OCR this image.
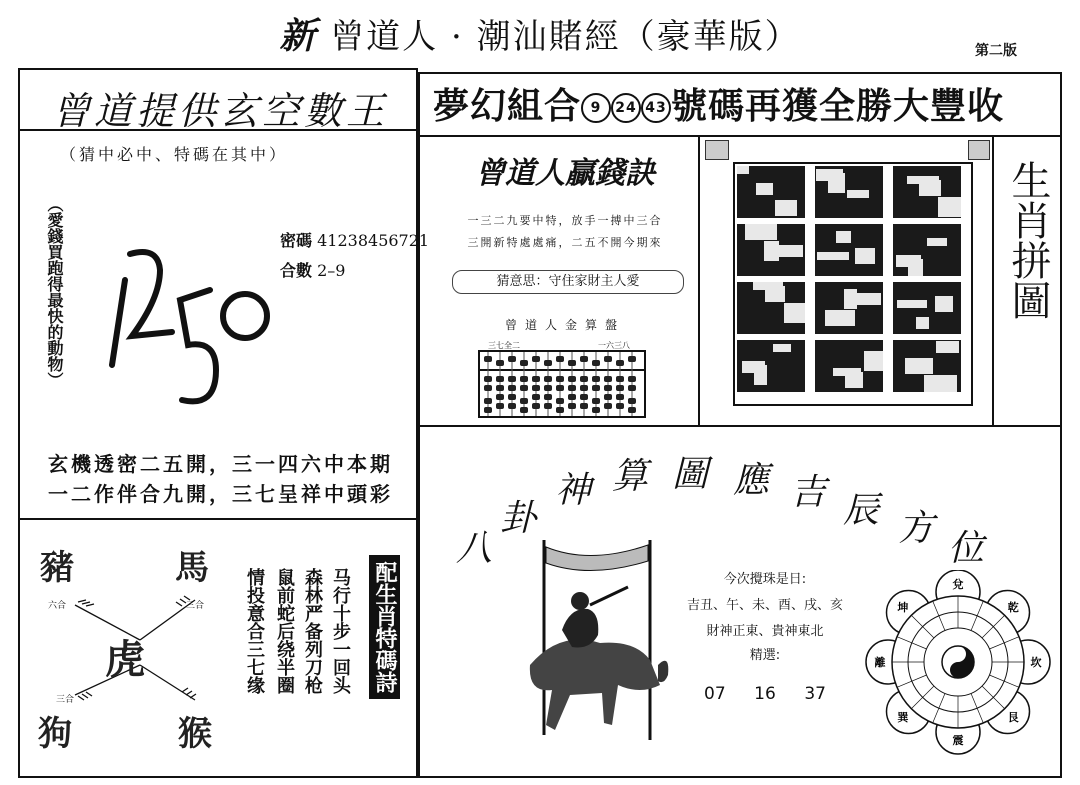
新 曾道人 · 潮汕賭經（豪華版）	第二版
曾道提供玄空數王
（猜中必中、特碼在其中）
（愛錢買跑得最快的動物）	密碼 41238456721
合數 2–9
玄機透密二五開，三一四六中本期
一二作伴合九開，三七呈祥中頭彩
豬	馬
虎
狗	猴
六合	三合
三合
马行十步一回头
森林严备列刀枪
鼠前蛇后绕半圈
情投意合三七缘	配生肖特碼詩
夢幻組合 9 24 43 號碼再獲全勝大豐收
曾道人贏錢訣
一三二九要中特，放手一搏中三合
三開新特處處痛，二五不開今期來
猜意思：守住家財主人愛
曾道人金算盤
三七全二	一六三八
生肖拼圖
八
卦
神 算 圖 應 吉 辰 方 位
今次攪珠是日:
吉丑、午、未、酉、戌、亥
財神正東、貴神東北
精選:
07 16 37
坎
艮
震
巽
離
坤
兌
乾
